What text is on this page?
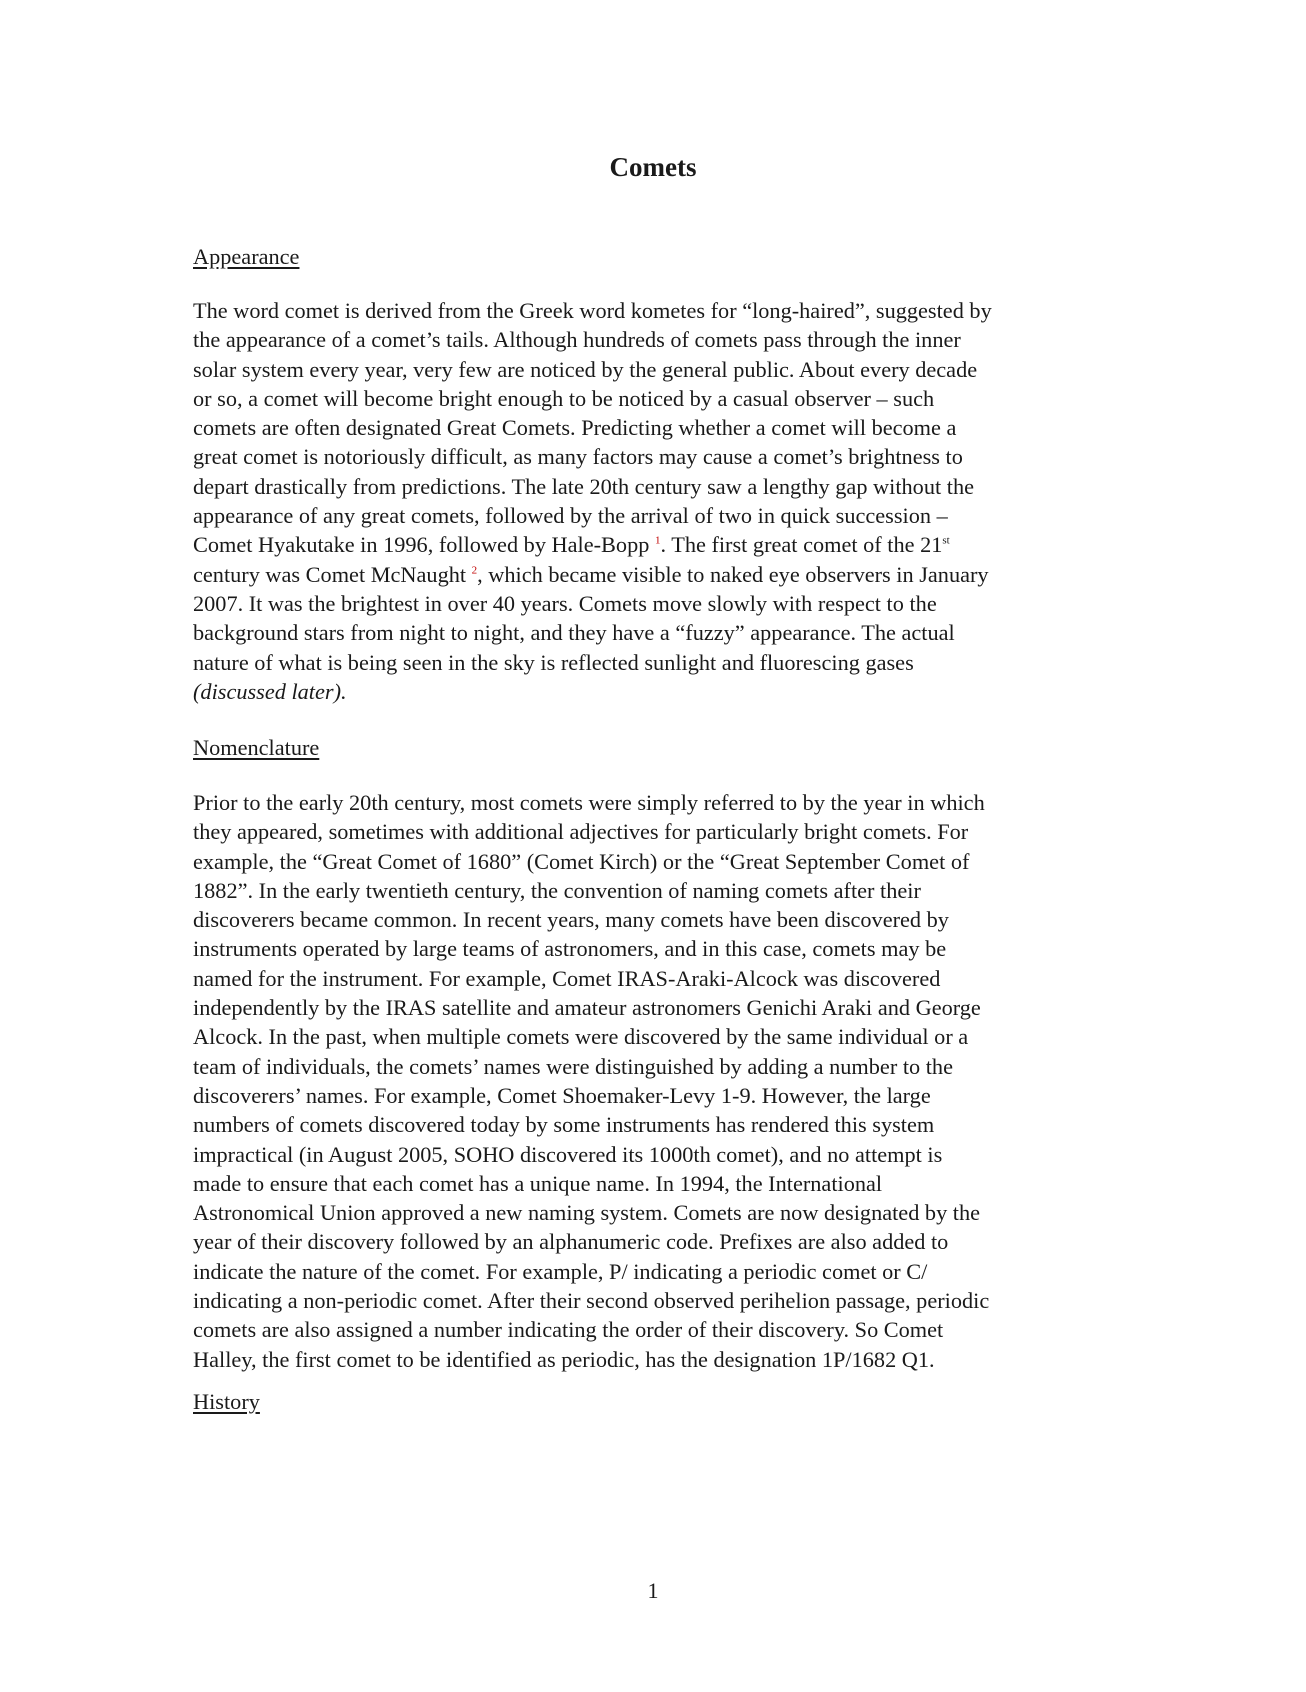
Comets

Appearance

The word comet is derived from the Greek word kometes for “long-haired”, suggested by
the appearance of a comet’s tails. Although hundreds of comets pass through the inner
solar system every year, very few are noticed by the general public. About every decade
or so, a comet will become bright enough to be noticed by a casual observer – such
comets are often designated Great Comets. Predicting whether a comet will become a
great comet is notoriously difficult, as many factors may cause a comet’s brightness to
depart drastically from predictions. The late 20th century saw a lengthy gap without the
appearance of any great comets, followed by the arrival of two in quick succession –
Comet Hyakutake in 1996, followed by Hale-Bopp $^1$. The first great comet of the 21st
century was Comet McNaught $^2$, which became visible to naked eye observers in January
2007. It was the brightest in over 40 years. Comets move slowly with respect to the
background stars from night to night, and they have a “fuzzy” appearance. The actual
nature of what is being seen in the sky is reflected sunlight and fluorescing gases
(discussed later).

Nomenclature

Prior to the early 20th century, most comets were simply referred to by the year in which
they appeared, sometimes with additional adjectives for particularly bright comets. For
example, the “Great Comet of 1680” (Comet Kirch) or the “Great September Comet of
1882”. In the early twentieth century, the convention of naming comets after their
discoverers became common. In recent years, many comets have been discovered by
instruments operated by large teams of astronomers, and in this case, comets may be
named for the instrument. For example, Comet IRAS-Araki-Alcock was discovered
independently by the IRAS satellite and amateur astronomers Genichi Araki and George
Alcock. In the past, when multiple comets were discovered by the same individual or a
team of individuals, the comets’ names were distinguished by adding a number to the
discoverers’ names. For example, Comet Shoemaker-Levy 1-9. However, the large
numbers of comets discovered today by some instruments has rendered this system
impractical (in August 2005, SOHO discovered its 1000th comet), and no attempt is
made to ensure that each comet has a unique name. In 1994, the International
Astronomical Union approved a new naming system. Comets are now designated by the
year of their discovery followed by an alphanumeric code. Prefixes are also added to
indicate the nature of the comet. For example, P/ indicating a periodic comet or C/
indicating a non-periodic comet. After their second observed perihelion passage, periodic
comets are also assigned a number indicating the order of their discovery. So Comet
Halley, the first comet to be identified as periodic, has the designation 1P/1682 Q1.

History

1
